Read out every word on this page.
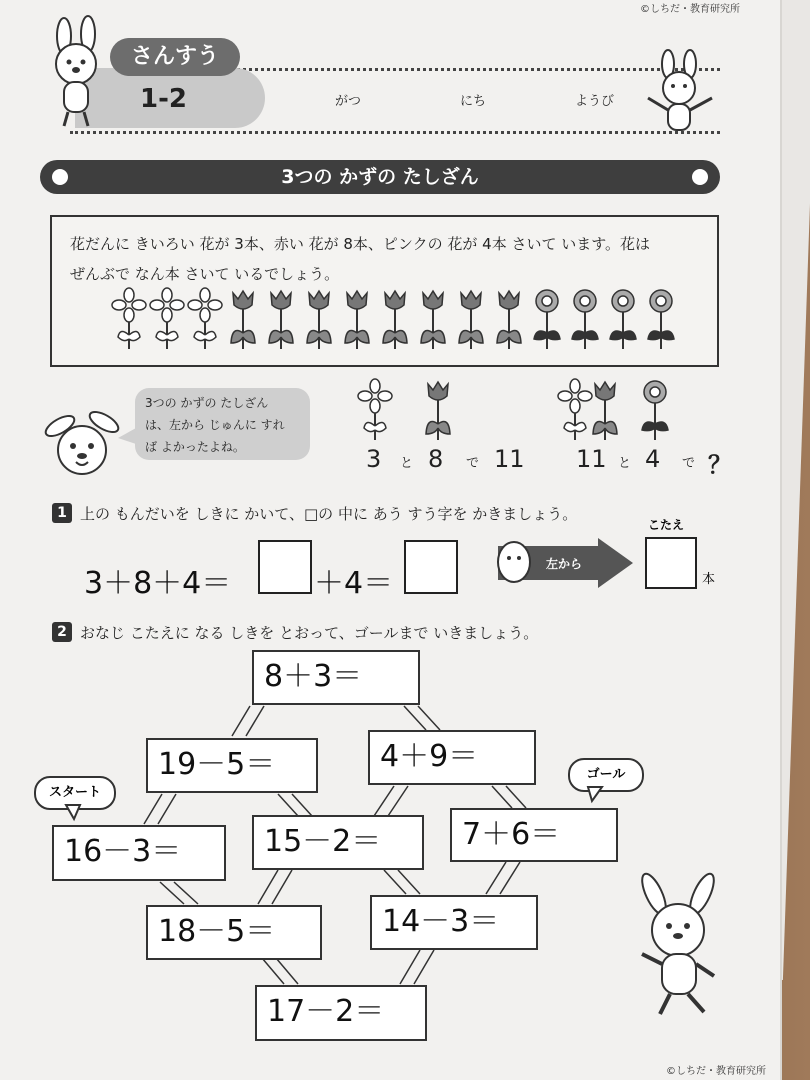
©しちだ・教育研究所
さんすう
1-2	がつ	にち	ようび
3つの かずの たしざん
花だんに きいろい 花が 3本、赤い 花が 8本、ピンクの 花が 4本 さいて います。花は
ぜんぶで なん本 さいて いるでしょう。
3つの かずの たしざん
は、左から じゅんに すれ
ば よかったよね。	3 と 8 で 11 11 と 4 で ？
1 上の もんだいを しきに かいて、□の 中に あう すう字を かきましょう。
3＋8＋4＝	＋4＝
左から
こたえ
本
2 おなじ こたえに なる しきを とおって、ゴールまで いきましょう。
8＋3＝
19－5＝	4＋9＝
16－3＝	15－2＝	7＋6＝
18－5＝	14－3＝
17－2＝
スタート
ゴール
©しちだ・教育研究所
